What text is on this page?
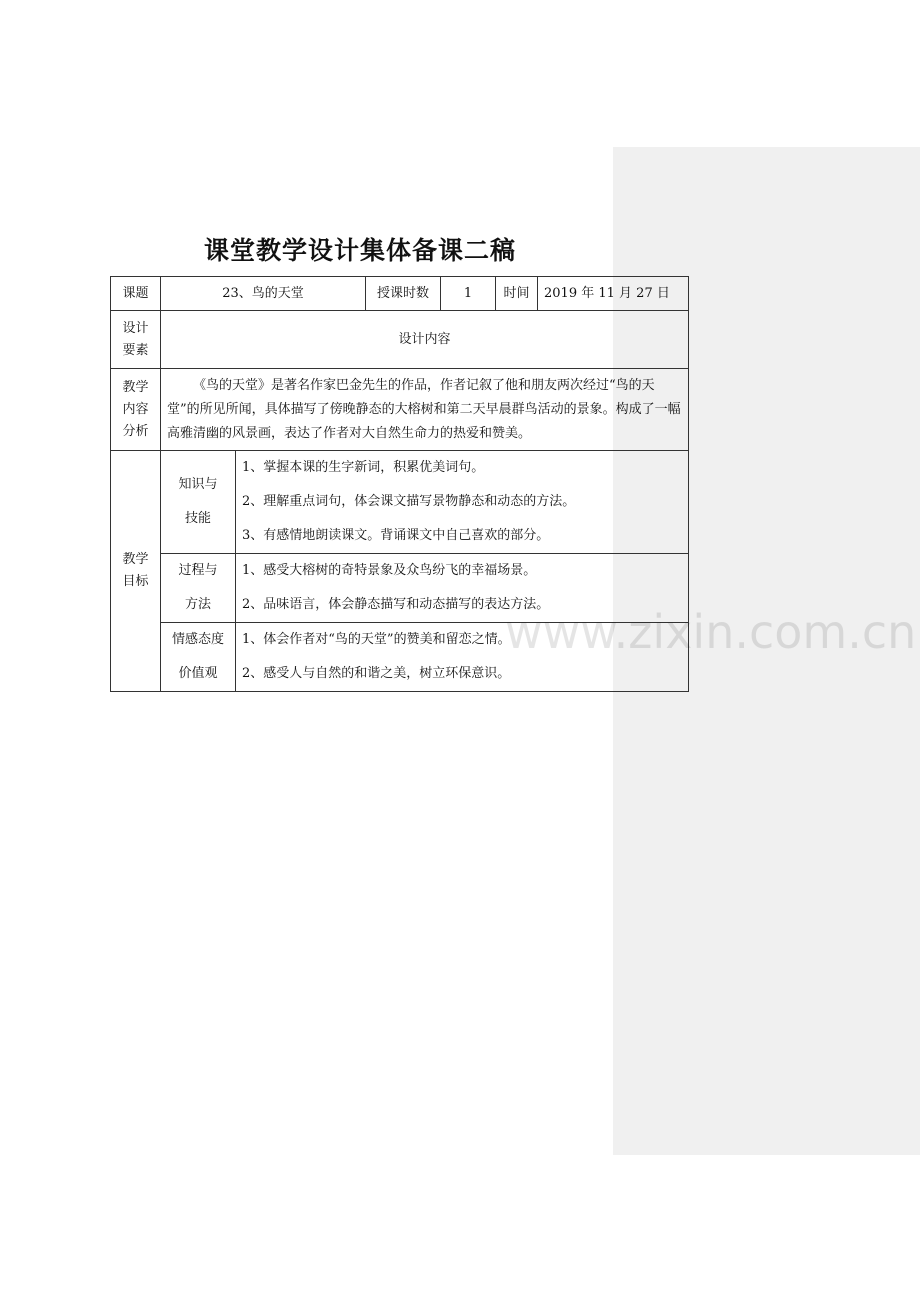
课堂教学设计集体备课二稿
课题	23、鸟的天堂		授课时数	1	时间	2019 年 11 月 27 日

设计要素	设计内容					

教学内容分析	《鸟的天堂》是著名作家巴金先生的作品，作者记叙了他和朋友两次经过“鸟的天堂”的所见所闻，具体描写了傍晚静态的大榕树和第二天早晨群鸟活动的景象。构成了一幅高雅清幽的风景画，表达了作者对大自然生命力的热爱和赞美。					

教学目标	知识与技能	1、掌握本课的生字新词，积累优美词句。

2、理解重点词句，体会课文描写景物静态和动态的方法。

3、有感情地朗读课文。背诵课文中自己喜欢的部分。				

	过程与方法	1、感受大榕树的奇特景象及众鸟纷飞的幸福场景。

2、品味语言，体会静态描写和动态描写的表达方法。				

	情感态度价值观	1、体会作者对“鸟的天堂”的赞美和留恋之情。

2、感受人与自然的和谐之美，树立环保意识。				

www.zixin.com.cn
